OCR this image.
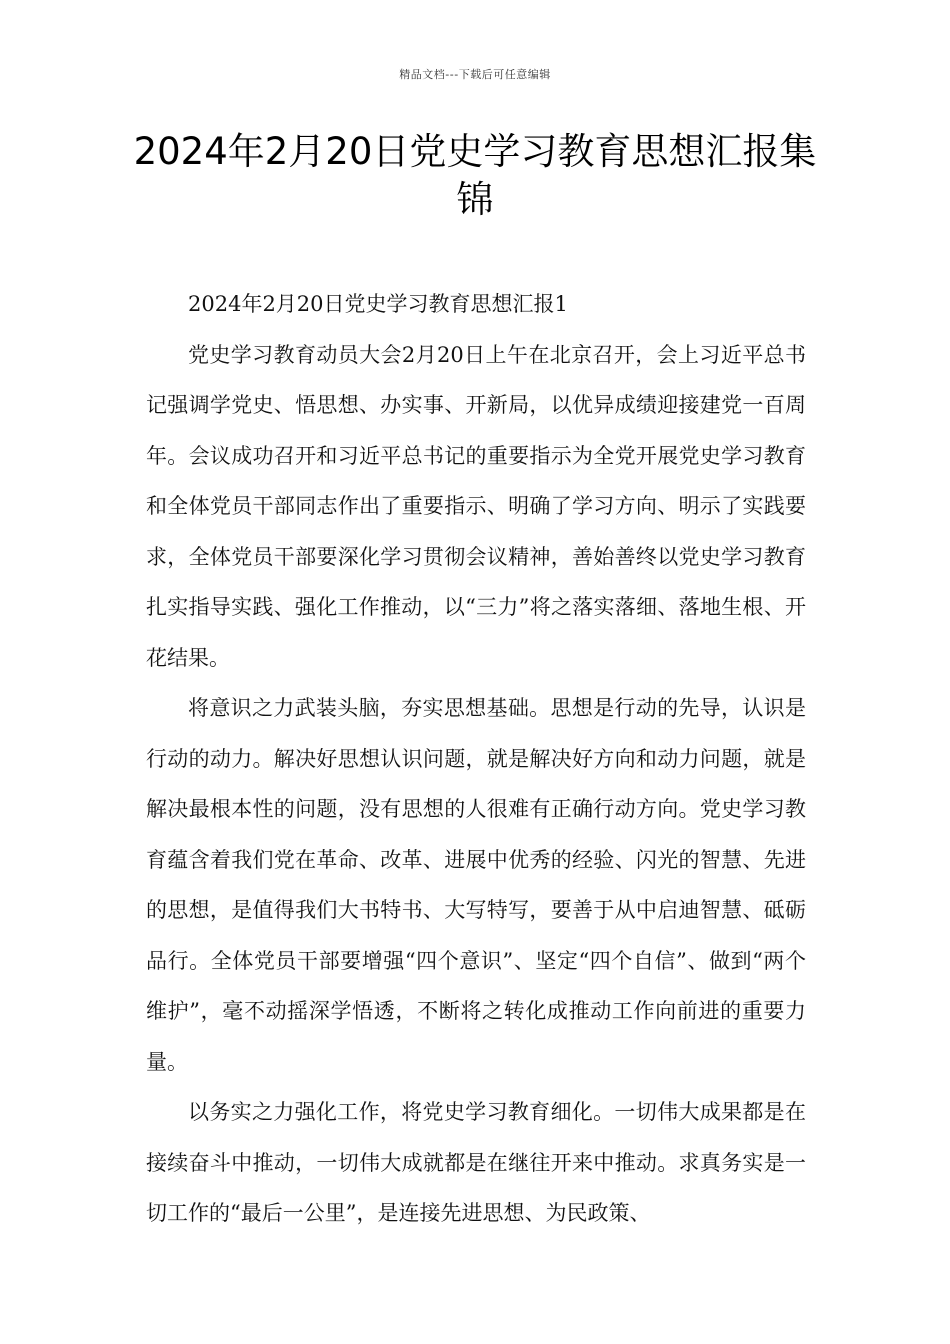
精品文档---下载后可任意编辑
2024年2月20日党史学习教育思想汇报集锦

2024年2月20日党史学习教育思想汇报1

党史学习教育动员大会2月20日上午在北京召开，会上习近平总书记强调学党史、悟思想、办实事、开新局，以优异成绩迎接建党一百周年。会议成功召开和习近平总书记的重要指示为全党开展党史学习教育和全体党员干部同志作出了重要指示、明确了学习方向、明示了实践要求，全体党员干部要深化学习贯彻会议精神，善始善终以党史学习教育扎实指导实践、强化工作推动，以“三力”将之落实落细、落地生根、开花结果。

将意识之力武装头脑，夯实思想基础。思想是行动的先导，认识是行动的动力。解决好思想认识问题，就是解决好方向和动力问题，就是解决最根本性的问题，没有思想的人很难有正确行动方向。党史学习教育蕴含着我们党在革命、改革、进展中优秀的经验、闪光的智慧、先进的思想，是值得我们大书特书、大写特写，要善于从中启迪智慧、砥砺品行。全体党员干部要增强“四个意识”、坚定“四个自信”、做到“两个维护”，毫不动摇深学悟透，不断将之转化成推动工作向前进的重要力量。

以务实之力强化工作，将党史学习教育细化。一切伟大成果都是在接续奋斗中推动，一切伟大成就都是在继往开来中推动。求真务实是一切工作的“最后一公里”，是连接先进思想、为民政策、
